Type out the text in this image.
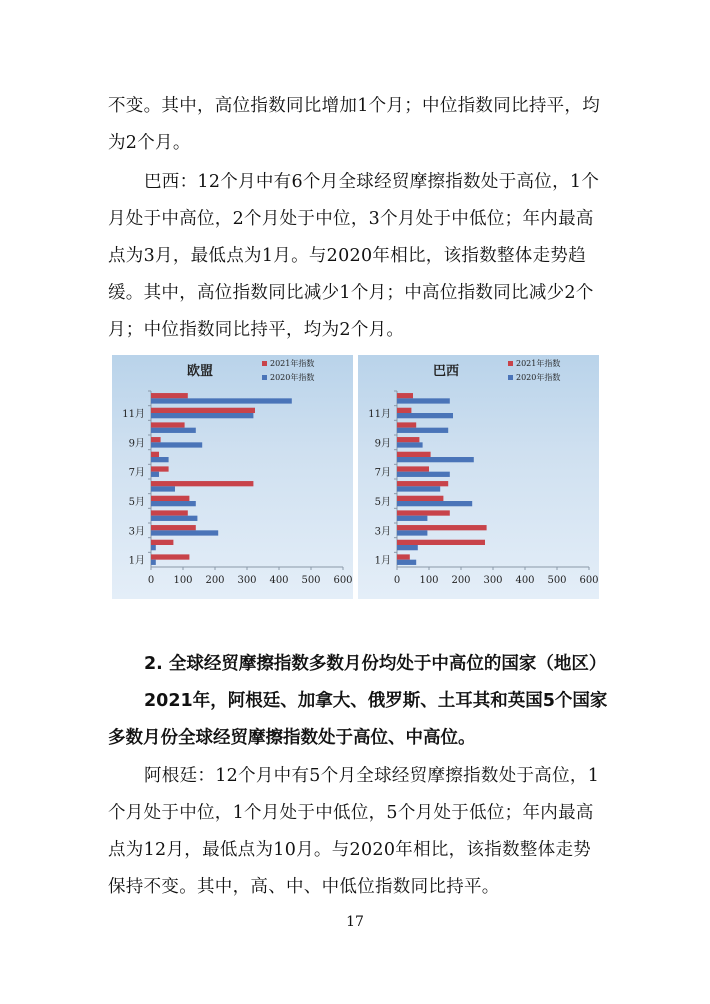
不变。其中，高位指数同比增加1个月；中位指数同比持平，均为2个月。

巴西：12个月中有6个月全球经贸摩擦指数处于高位，1个月处于中高位，2个月处于中位，3个月处于中低位；年内最高点为3月，最低点为1月。与2020年相比，该指数整体走势趋缓。其中，高位指数同比减少1个月；中高位指数同比减少2个月；中位指数同比持平，均为2个月。

欧盟
2021年指数
2020年指数
0 100 200 300 400 500 600
1月
3月
5月
7月
9月
11月
巴西
2021年指数
2020年指数
0 100 200 300 400 500 600
1月
3月
5月
7月
9月
11月

2. 全球经贸摩擦指数多数月份均处于中高位的国家（地区）

2021年，阿根廷、加拿大、俄罗斯、土耳其和英国5个国家多数月份全球经贸摩擦指数处于高位、中高位。

阿根廷：12个月中有5个月全球经贸摩擦指数处于高位，1个月处于中位，1个月处于中低位，5个月处于低位；年内最高点为12月，最低点为10月。与2020年相比，该指数整体走势保持不变。其中，高、中、中低位指数同比持平。

17
